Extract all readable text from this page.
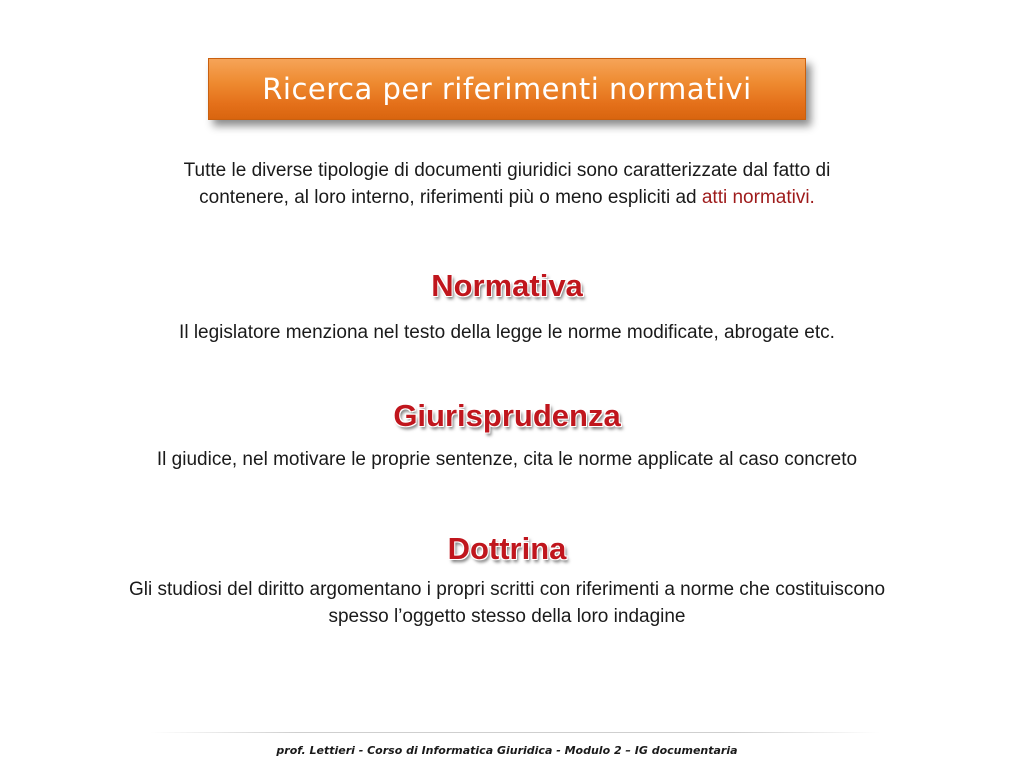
Ricerca per riferimenti normativi
Tutte le diverse tipologie di documenti giuridici sono caratterizzate dal fatto di
contenere, al loro interno, riferimenti più o meno espliciti ad atti normativi.
Normativa
Il legislatore menziona nel testo della legge le norme modificate, abrogate etc.
Giurisprudenza
Il giudice, nel motivare le proprie sentenze, cita le norme applicate al caso concreto
Dottrina
Gli studiosi del diritto argomentano i propri scritti con riferimenti a norme che costituiscono
spesso l’oggetto stesso della loro indagine
prof. Lettieri - Corso di Informatica Giuridica - Modulo 2 – IG documentaria
